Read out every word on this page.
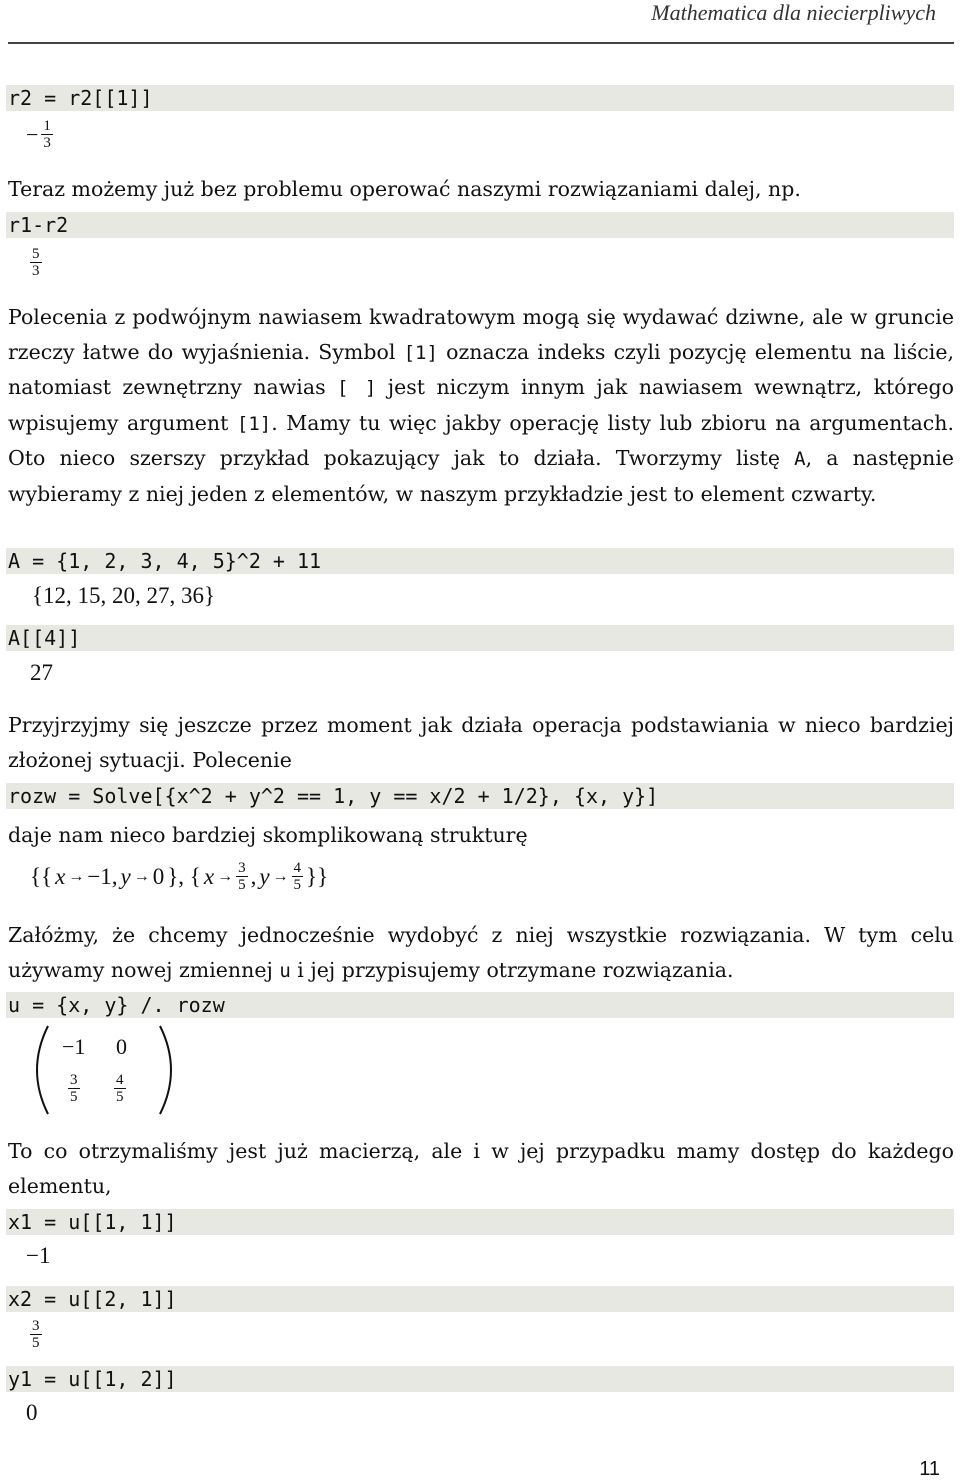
Mathematica dla niecierpliwych
r2 = r2[[1]]
− $\frac{1}{3}$
Teraz możemy już bez problemu operować naszymi rozwiązaniami dalej, np.
r1-r2
$\frac{5}{3}$
Polecenia z podwójnym nawiasem kwadratowym mogą się wydawać dziwne, ale w gruncie rzeczy łatwe do wyjaśnienia. Symbol [1] oznacza indeks czyli pozycję elementu na liście, natomiast zewnętrzny nawias [ ] jest niczym innym jak nawiasem wewnątrz, którego wpisujemy argument [1]. Mamy tu więc jakby operację listy lub zbioru na argumentach. Oto nieco szerszy przykład pokazujący jak to działa. Tworzymy listę A, a następnie wybieramy z niej jeden z elementów, w naszym przykładzie jest to element czwarty.
A = {1, 2, 3, 4, 5}^2 + 11
{12, 15, 20, 27, 36}
A[[4]]
27
Przyjrzyjmy się jeszcze przez moment jak działa operacja podstawiania w nieco bardziej złożonej sytuacji. Polecenie
rozw = Solve[{x^2 + y^2 == 1, y == x/2 + 1/2}, {x, y}]
daje nam nieco bardziej skomplikowaną strukturę
{{ x → −1, y → 0 }, { $x \to \frac{3}{5}$ , $y \to \frac{4}{5}$ }}
Załóżmy, że chcemy jednocześnie wydobyć z niej wszystkie rozwiązania. W tym celu używamy nowej zmiennej u i jej przypisujemy otrzymane rozwiązania.
u = {x, y} /. rozw
−1 0
$\frac{3}{5} \frac{4}{5}$
To co otrzymaliśmy jest już macierzą, ale i w jej przypadku mamy dostęp do każdego elementu,
x1 = u[[1, 1]]
−1
x2 = u[[2, 1]]
$\frac{3}{5}$
y1 = u[[1, 2]]
0
11
